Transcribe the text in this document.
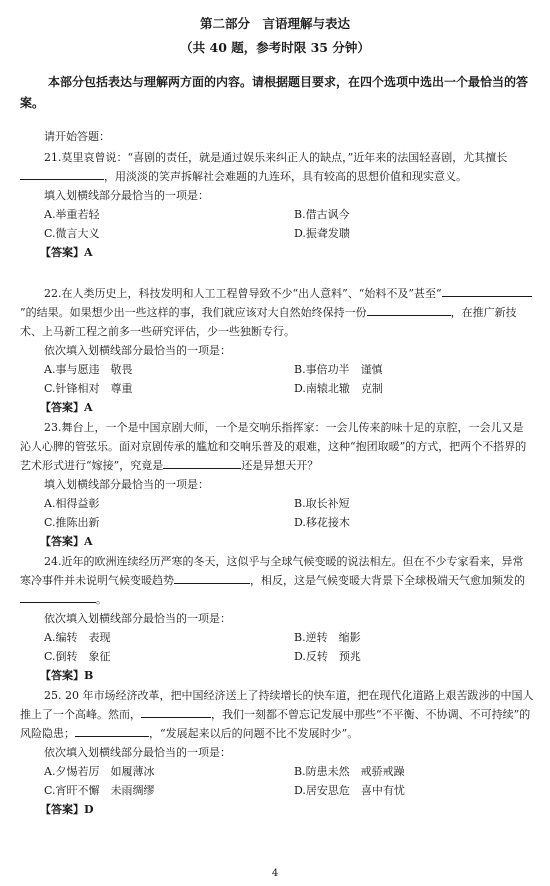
第二部分　言语理解与表达
（共 40 题，参考时限 35 分钟）
本部分包括表达与理解两方面的内容。请根据题目要求，在四个选项中选出一个最恰当的答案。
请开始答题：
21.莫里哀曾说：“喜剧的责任，就是通过娱乐来纠正人的缺点，”近年来的法国轻喜剧，尤其擅长，用淡淡的笑声拆解社会难题的九连环，具有较高的思想价值和现实意义。
填入划横线部分最恰当的一项是：
A.举重若轻	B.借古讽今
C.微言大义	D.振聋发聩
【答案】A
22.在人类历史上，科技发明和人工工程曾导致不少“出人意料”、“始料不及”甚至“”的结果。如果想少出一些这样的事，我们就应该对大自然始终保持一份	，在推广新技术、上马新工程之前多一些研究评估，少一些独断专行。
依次填入划横线部分最恰当的一项是：
A.事与愿违　敬畏	B.事倍功半　谨慎
C.针锋相对　尊重	D.南辕北辙　克制
【答案】A
23.舞台上，一个是中国京剧大师，一个是交响乐指挥家：一会儿传来韵味十足的京腔，一会儿又是沁人心脾的管弦乐。面对京剧传承的尴尬和交响乐普及的艰难，这种“抱团取暖”的方式，把两个不搭界的艺术形式进行“嫁接”，究竟是	还是异想天开？
填入划横线部分最恰当的一项是：
A.相得益彰	B.取长补短
C.推陈出新	D.移花接木
【答案】A
24.近年的欧洲连续经历严寒的冬天，这似乎与全球气候变暖的说法相左。但在不少专家看来，异常寒冷事件并未说明气候变暖趋势	，相反，这是气候变暖大背景下全球极端天气愈加频发的。
依次填入划横线部分最恰当的一项是：
A.编转　表现	B.逆转　缩影
C.倒转　象征	D.反转　预兆
【答案】B
25. 20 年市场经济改革，把中国经济送上了持续增长的快车道，把在现代化道路上艰苦跋涉的中国人推上了一个高峰。然而，	，我们一刻都不曾忘记发展中那些“不平衡、不协调、不可持续”的风险隐患；	，“发展起来以后的问题不比不发展时少”。
依次填入划横线部分最恰当的一项是：
A.夕惕若厉　如履薄冰	B.防患未然　戒骄戒躁
C.宵旰不懈　未雨绸缪	D.居安思危　喜中有忧
【答案】D
4
